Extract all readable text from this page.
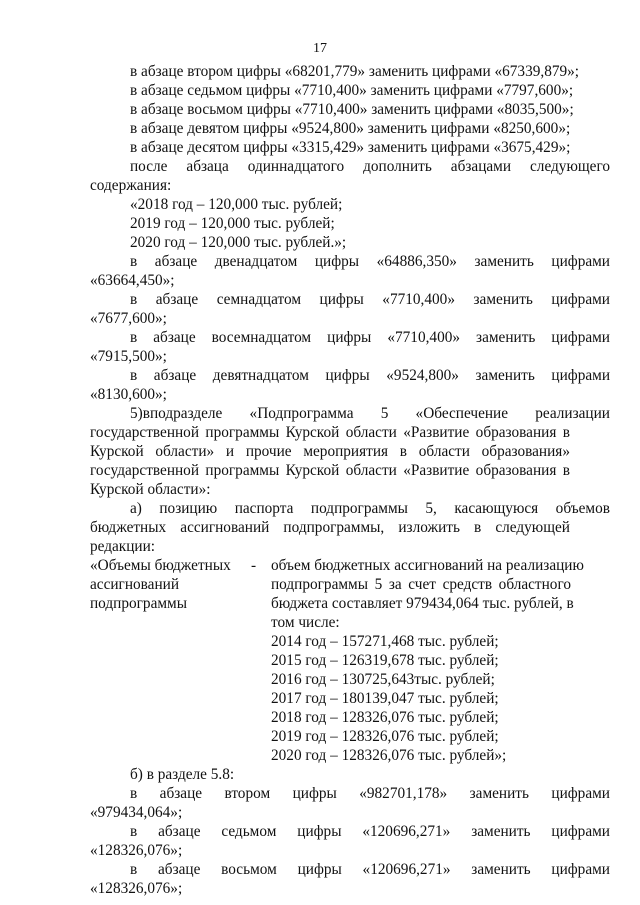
17
в абзаце втором цифры «68201,779» заменить цифрами «67339,879»;
в абзаце седьмом цифры «7710,400» заменить цифрами «7797,600»;
в абзаце восьмом цифры «7710,400» заменить цифрами «8035,500»;
в абзаце девятом цифры «9524,800» заменить цифрами «8250,600»;
в абзаце десятом цифры «3315,429» заменить цифрами «3675,429»;
после абзаца одиннадцатого дополнить абзацами следующего
содержания:
«2018 год – 120,000 тыс. рублей;
2019 год – 120,000 тыс. рублей;
2020 год – 120,000 тыс. рублей.»;
в абзаце двенадцатом цифры «64886,350» заменить цифрами
«63664,450»;
в абзаце семнадцатом цифры «7710,400» заменить цифрами
«7677,600»;
в абзаце восемнадцатом цифры «7710,400» заменить цифрами
«7915,500»;
в абзаце девятнадцатом цифры «9524,800» заменить цифрами
«8130,600»;
5)вподразделе «Подпрограмма 5 «Обеспечение реализации
государственной программы Курской области «Развитие образования в
Курской области» и прочие мероприятия в области образования»
государственной программы Курской области «Развитие образования в
Курской области»:
а) позицию паспорта подпрограммы 5, касающуюся объемов
бюджетных ассигнований подпрограммы, изложить в следующей
редакции:
«Объемы бюджетных
ассигнований
подпрограммы
- объем бюджетных ассигнований на реализацию
подпрограммы 5 за счет средств областного
бюджета составляет 979434,064 тыс. рублей, в
том числе:
2014 год – 157271,468 тыс. рублей;
2015 год – 126319,678 тыс. рублей;
2016 год – 130725,643тыс. рублей;
2017 год – 180139,047 тыс. рублей;
2018 год – 128326,076 тыс. рублей;
2019 год – 128326,076 тыс. рублей;
2020 год – 128326,076 тыс. рублей»;
б) в разделе 5.8:
в абзаце втором цифры «982701,178» заменить цифрами
«979434,064»;
в абзаце седьмом цифры «120696,271» заменить цифрами
«128326,076»;
в абзаце восьмом цифры «120696,271» заменить цифрами
«128326,076»;
